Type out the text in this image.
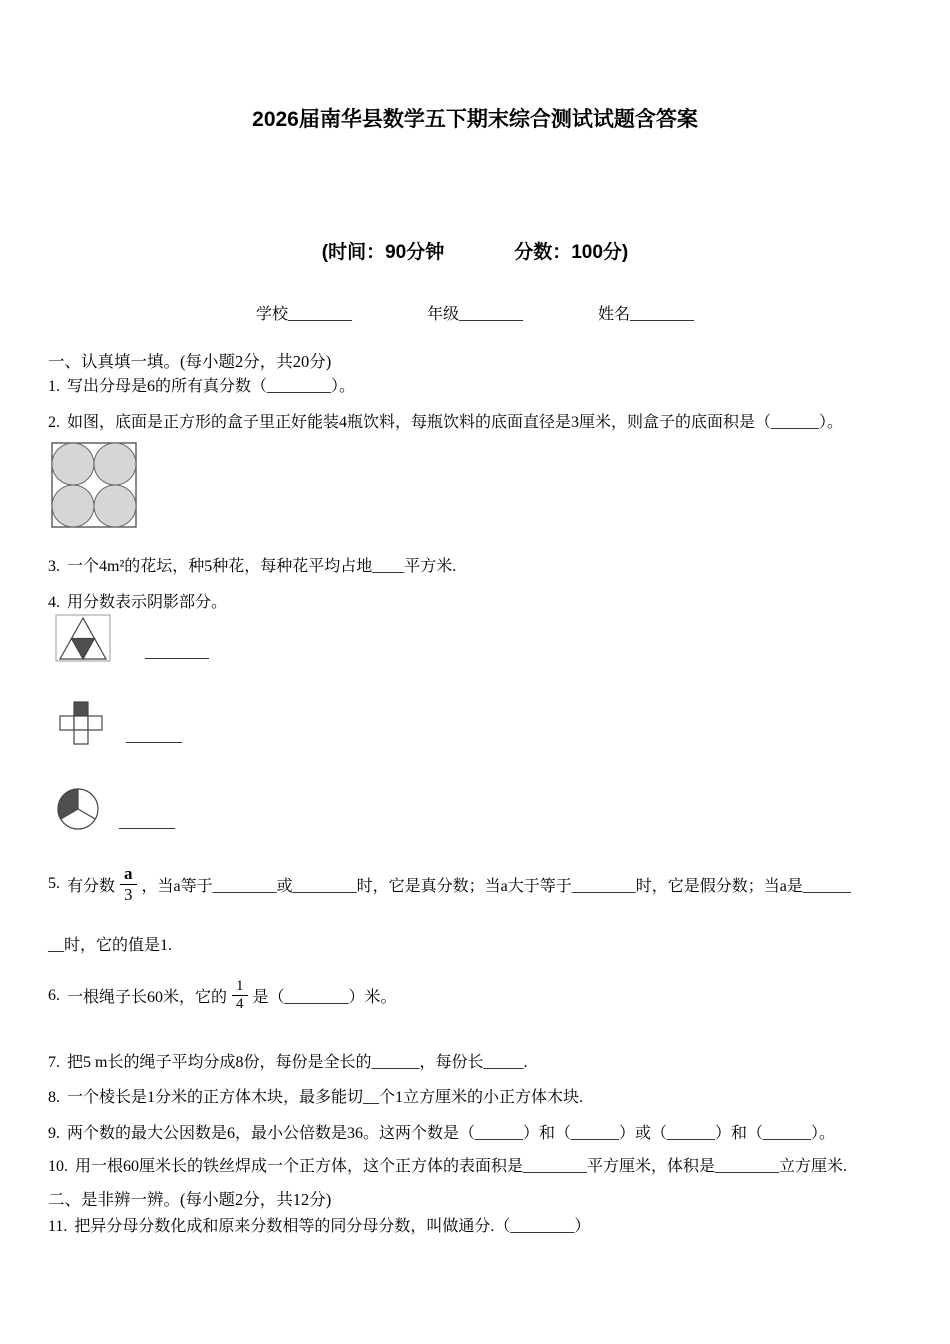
2026届南华县数学五下期末综合测试试题含答案
(时间：90分钟	分数：100分)
学校________	年级________	姓名________
一、认真填一填。(每小题2分，共20分)
1. 写出分母是6的所有真分数（________）。
2. 如图，底面是正方形的盒子里正好能装4瓶饮料，每瓶饮料的底面直径是3厘米，则盒子的底面积是（______）。
3. 一个4m²的花坛，种5种花，每种花平均占地____平方米.
4. 用分数表示阴影部分。
________
_______
_______
5. 有分数 $\frac{a}{3}$ ，当a等于________或________时，它是真分数；当a大于等于________时，它是假分数；当a是______
__时，它的值是1.
6. 一根绳子长60米，它的 $\frac{1}{4}$ 是（________）米。
7. 把5 m长的绳子平均分成8份，每份是全长的______，每份长_____.
8. 一个棱长是1分米的正方体木块，最多能切__个1立方厘米的小正方体木块.
9. 两个数的最大公因数是6，最小公倍数是36。这两个数是（______）和（______）或（______）和（______）。
10. 用一根60厘米长的铁丝焊成一个正方体，这个正方体的表面积是________平方厘米，体积是________立方厘米.
二、是非辨一辨。(每小题2分，共12分)
11. 把异分母分数化成和原来分数相等的同分母分数，叫做通分.（________）
